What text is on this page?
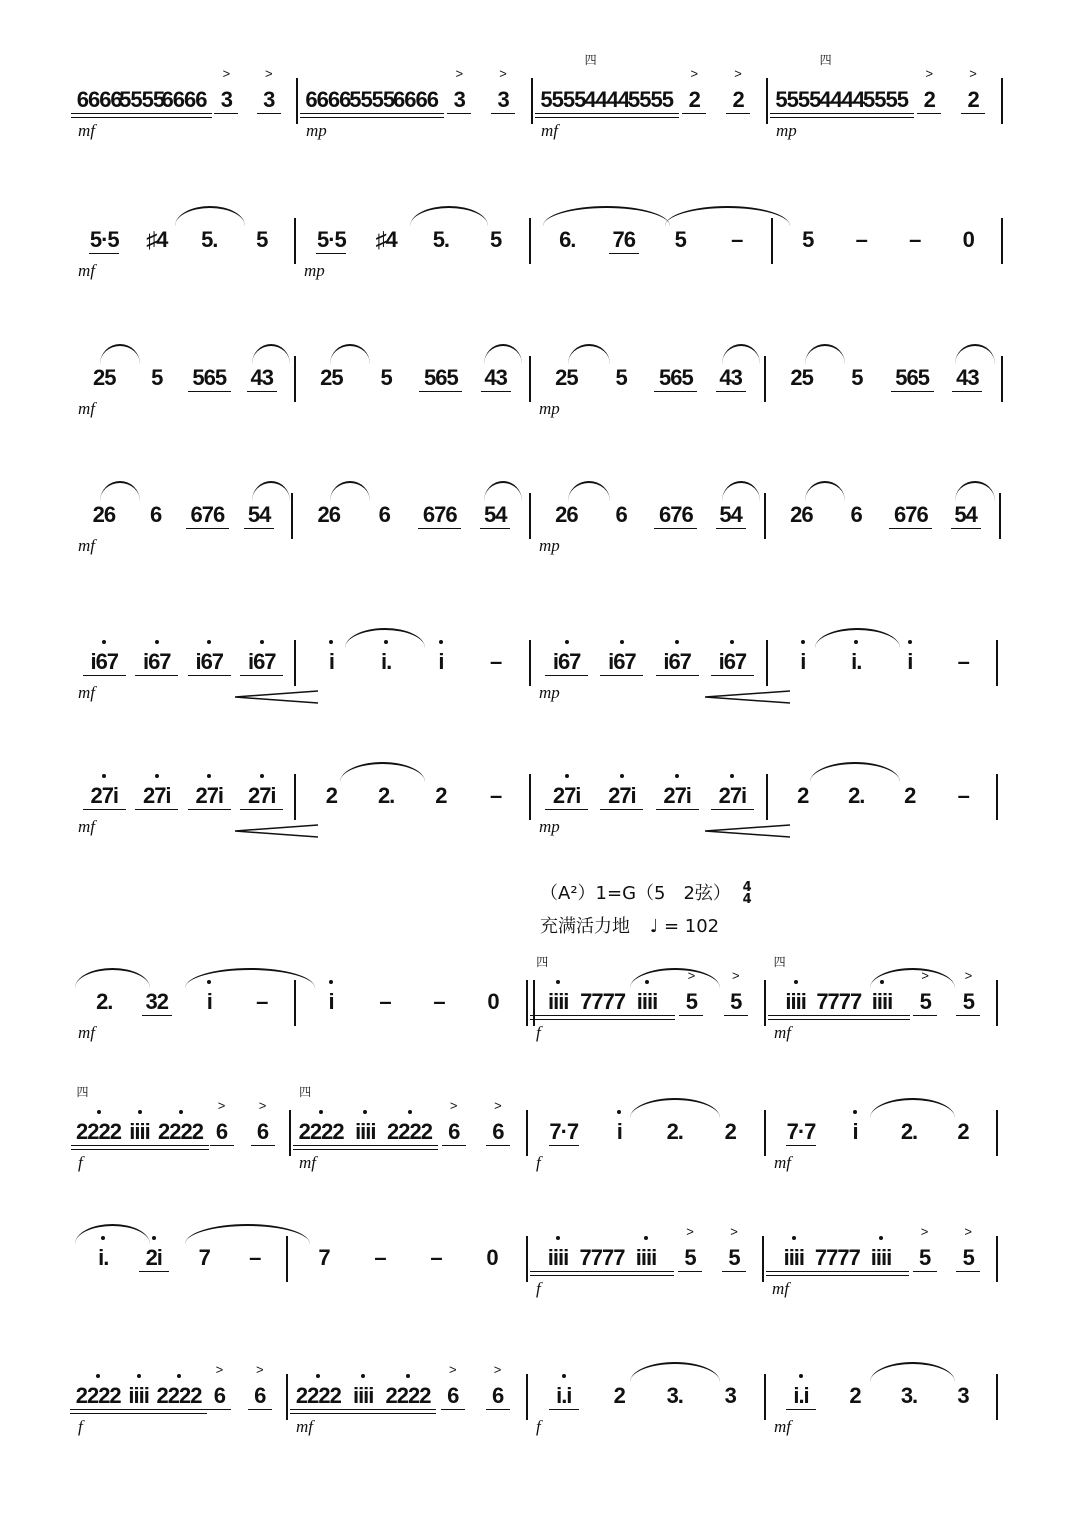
（A²）1=G（5　2弦） 4
4
充满活力地 ♩ = 102
6666
5555
6666 3
>
3
>
mf
6666
5555
6666 3
>
3
>
mp
5555
4444
四
5555 2
>
2
>
mf
5555
4444
四
5555 2
>
2
>
mp
5·5 ♯4 5.	5
mf
5·5 ♯4 5.	5
mp
6. 76	5	–	5	–	–	0
25	5	565 43
mf
25	5	565 43 25	5	565 43
mp
25	5	565 43
26	6	676 54
mf
26	6	676 54 26	6	676 54
mp
26	6	676 54
i67	i67	i67	i67
mf
i	i.	i	–	i67	i67	i67	i67
mp
i	i.	i	–
27i	27i	27i	27i
mf
2	2.	2	–	27i	27i	27i	27i
mp
2	2.	2	–
2. 32	i	–
mf
i	–	–	0	iiii
四
7777 iiii	5
>
5
>
f
iiii
四
7777 iiii	5
>
5
>
mf
2222
四
iiii 2222 6
>
6
>
f
2222
四
iiii 2222 6
>
6
>
mf
7·7	i	2.	2
f
7·7	i	2.	2
mf
i.	2i	7	–	7	–	–	0	iiii 7777 iiii	5
>
5
>
f
iiii 7777 iiii	5
>
5
>
mf
2222 iiii 2222 6
>
6
>
f
2222 iiii 2222 6
>
6
>
mf
i.i	2	3.	3
f
i.i	2	3.	3
mf
